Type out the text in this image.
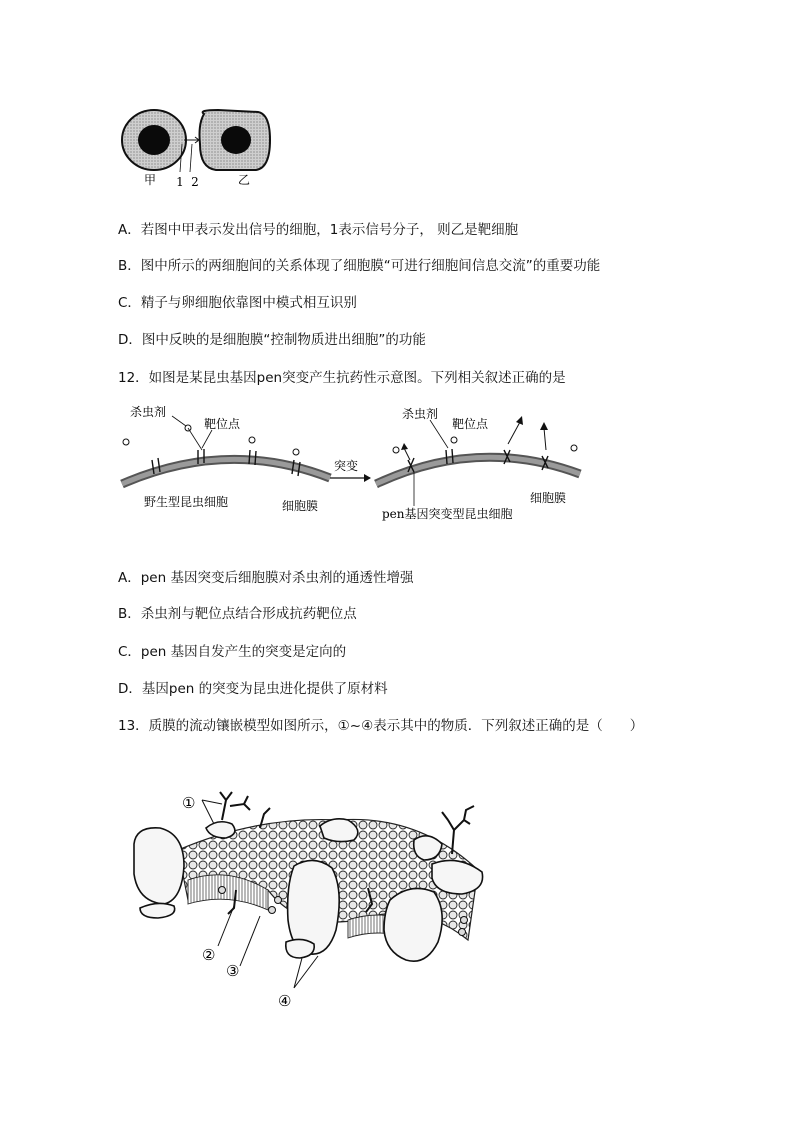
甲 1 2	乙
A．若图中甲表示发出信号的细胞，1表示信号分子， 则乙是靶细胞
B．图中所示的两细胞间的关系体现了细胞膜“可进行细胞间信息交流”的重要功能
C．精子与卵细胞依靠图中模式相互识别
D．图中反映的是细胞膜“控制物质进出细胞”的功能
12．如图是某昆虫基因pen突变产生抗药性示意图。下列相关叙述正确的是
杀虫剂
靶位点
野生型昆虫细胞	细胞膜
突变
杀虫剂
靶位点
细胞膜
pen基因突变型昆虫细胞
A．pen 基因突变后细胞膜对杀虫剂的通透性增强
B．杀虫剂与靶位点结合形成抗药靶位点
C．pen 基因自发产生的突变是定向的
D．基因pen 的突变为昆虫进化提供了原材料
13．质膜的流动镶嵌模型如图所示，①~④表示其中的物质．下列叙述正确的是（　　）
①
②
③
④
